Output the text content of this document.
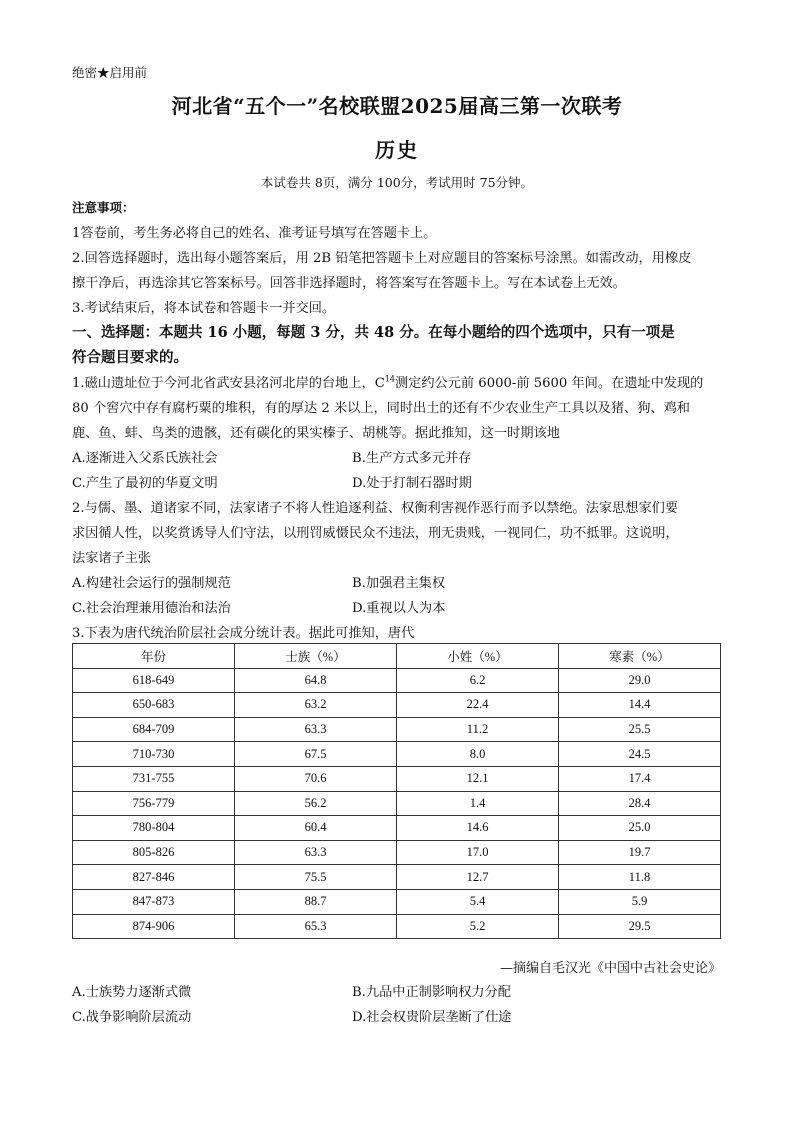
绝密★启用前
河北省“五个一”名校联盟2025届高三第一次联考
历史
本试卷共 8页，满分 100分，考试用时 75分钟。
注意事项：
1答卷前，考生务必将自己的姓名、准考证号填写在答题卡上。
2.回答选择题时，选出每小题答案后，用 2B 铅笔把答题卡上对应题目的答案标号涂黑。如需改动，用橡皮
擦干净后，再选涂其它答案标号。回答非选择题时，将答案写在答题卡上。写在本试卷上无效。
3.考试结束后，将本试卷和答题卡一并交回。
一、选择题：本题共 16 小题，每题 3 分，共 48 分。在每小题给的四个选项中，只有一项是
符合题目要求的。
1.磁山遗址位于今河北省武安县洺河北岸的台地上，$C^{14}$测定约公元前 6000-前 5600 年间。在遗址中发现的
80 个窖穴中存有腐朽粟的堆积，有的厚达 2 米以上，同时出土的还有不少农业生产工具以及猪、狗、鸡和
鹿、鱼、蚌、鸟类的遗骸，还有碳化的果实榛子、胡桃等。据此推知，这一时期该地
A.逐渐进入父系氏族社会	B.生产方式多元并存
C.产生了最初的华夏文明	D.处于打制石器时期
2.与儒、墨、道诸家不同，法家诸子不将人性追逐利益、权衡利害视作恶行而予以禁绝。法家思想家们要
求因循人性，以奖赏诱导人们守法，以刑罚威慑民众不违法，刑无贵贱，一视同仁，功不抵罪。这说明，
法家诸子主张
A.构建社会运行的强制规范	B.加强君主集权
C.社会治理兼用德治和法治	D.重视以人为本
3.下表为唐代统治阶层社会成分统计表。据此可推知，唐代
年份	士族（%）	小姓（%）	寒素（%）
618-649	64.8	6.2	29.0
650-683	63.2	22.4	14.4
684-709	63.3	11.2	25.5
710-730	67.5	8.0	24.5
731-755	70.6	12.1	17.4
756-779	56.2	1.4	28.4
780-804	60.4	14.6	25.0
805-826	63.3	17.0	19.7
827-846	75.5	12.7	11.8
847-873	88.7	5.4	5.9
874-906	65.3	5.2	29.5
—摘编自毛汉光《中国中古社会史论》
A.士族势力逐渐式微	B.九品中正制影响权力分配
C.战争影响阶层流动	D.社会权贵阶层垄断了仕途
